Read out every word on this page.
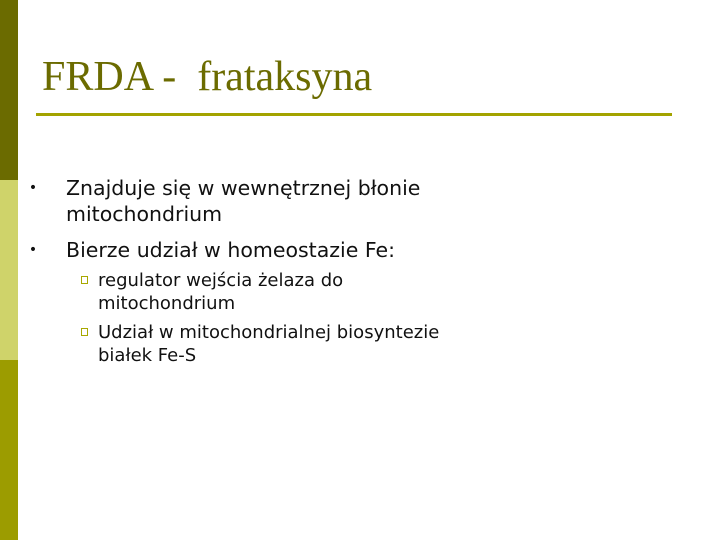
FRDA -  frataksyna
• Znajduje się w wewnętrznej błonie
mitochondrium
• Bierze udział w homeostazie Fe:
regulator wejścia żelaza do
mitochondrium
Udział w mitochondrialnej biosyntezie
białek Fe-S
